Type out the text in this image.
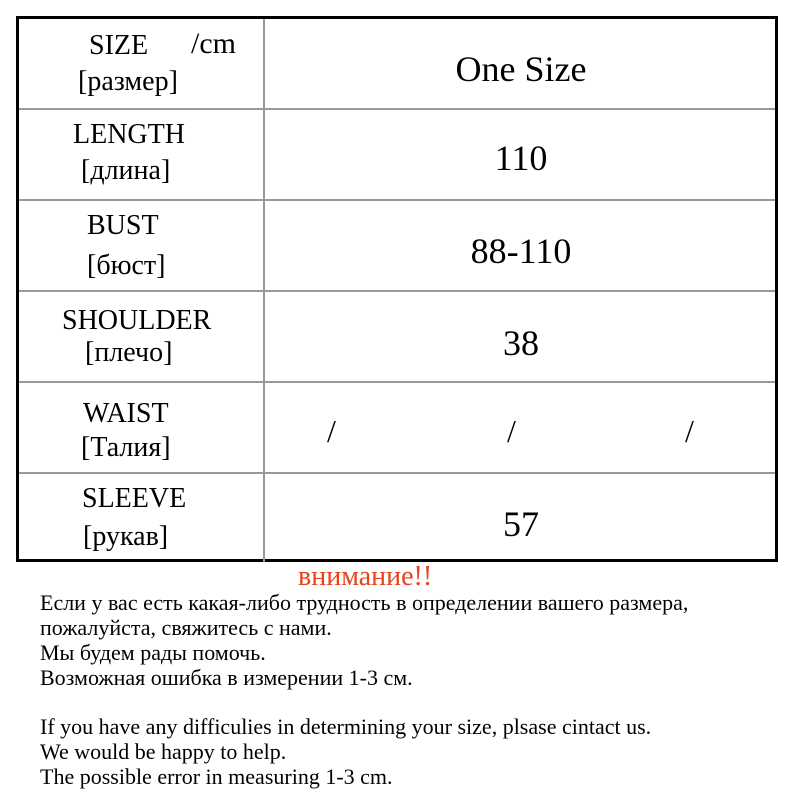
SIZE /cm
[размер]	One Size
LENGTH
[длина]	110
BUST
[бюст]	88-110
SHOULDER
[плечо]	38
WAIST
[Талия]	/	/	/
SLEEVE
[рукав]	57
внимание!!
Если у вас есть какая-либо трудность в определении вашего размера,
пожалуйста, свяжитесь с нами.
Мы будем рады помочь.
Возможная ошибка в измерении 1-3 см.
If you have any difficulies in determining your size, plsase cintact us.
We would be happy to help.
The possible error in measuring 1-3 cm.
